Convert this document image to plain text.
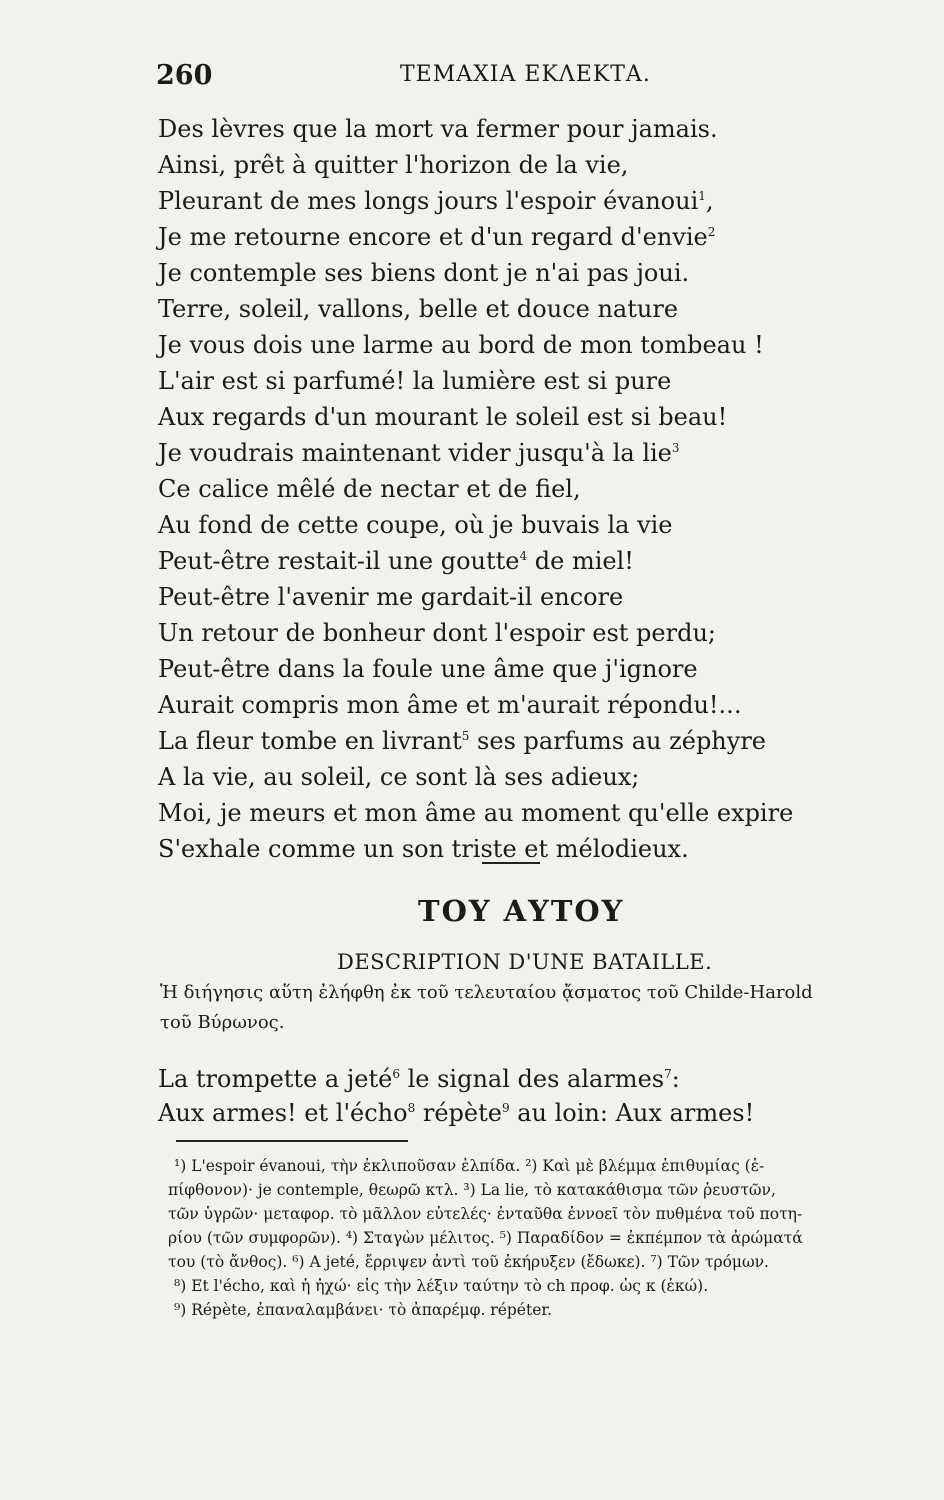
260	ΤΕΜΑΧΙΑ ΕΚΛΕΚΤΑ.
Des lèvres que la mort va fermer pour jamais.
Ainsi, prêt à quitter l'horizon de la vie,
Pleurant de mes longs jours l'espoir évanoui$^1$,
Je me retourne encore et d'un regard d'envie$^2$
Je contemple ses biens dont je n'ai pas joui.
Terre, soleil, vallons, belle et douce nature
Je vous dois une larme au bord de mon tombeau !
L'air est si parfumé! la lumière est si pure
Aux regards d'un mourant le soleil est si beau!
Je voudrais maintenant vider jusqu'à la lie$^3$
Ce calice mêlé de nectar et de fiel,
Au fond de cette coupe, où je buvais la vie
Peut-être restait-il une goutte$^4$ de miel!
Peut-être l'avenir me gardait-il encore
Un retour de bonheur dont l'espoir est perdu;
Peut-être dans la foule une âme que j'ignore
Aurait compris mon âme et m'aurait répondu!...
La fleur tombe en livrant$^5$ ses parfums au zéphyre
A la vie, au soleil, ce sont là ses adieux;
Moi, je meurs et mon âme au moment qu'elle expire
S'exhale comme un son triste et mélodieux.
ΤΟΥ ΑΥΤΟΥ
DESCRIPTION D'UNE BATAILLE.
Ἡ διήγησις αὕτη ἐλήφθη ἐκ τοῦ τελευταίου ᾄσματος τοῦ Childe-Harold
τοῦ Βύρωνος.
La trompette a jeté$^6$ le signal des alarmes$^7$:
Aux armes! et l'écho$^8$ répète$^9$ au loin: Aux armes!
¹) L'espoir évanoui, τὴν ἐκλιποῦσαν ἐλπίδα. ²) Καὶ μὲ βλέμμα ἐπιθυμίας (ἐ-
πίφθονον)· je contemple, θεωρῶ κτλ. ³) La lie, τὸ κατακάθισμα τῶν ῥευστῶν,
τῶν ὑγρῶν· μεταφορ. τὸ μᾶλλον εὐτελές· ἐνταῦθα ἐννοεῖ τὸν πυθμένα τοῦ ποτη-
ρίου (τῶν συμφορῶν). ⁴) Σταγὼν μέλιτος. ⁵) Παραδίδον = ἐκπέμπον τὰ ἀρώματά
του (τὸ ἄνθος). ⁶) A jeté, ἔρριψεν ἀντὶ τοῦ ἐκήρυξεν (ἔδωκε). ⁷) Τῶν τρόμων.
⁸) Et l'écho, καὶ ἡ ἠχώ· εἰς τὴν λέξιν ταύτην τὸ ch προφ. ὡς κ (ἐκώ).
⁹) Répète, ἐπαναλαμβάνει· τὸ ἀπαρέμφ. répéter.
